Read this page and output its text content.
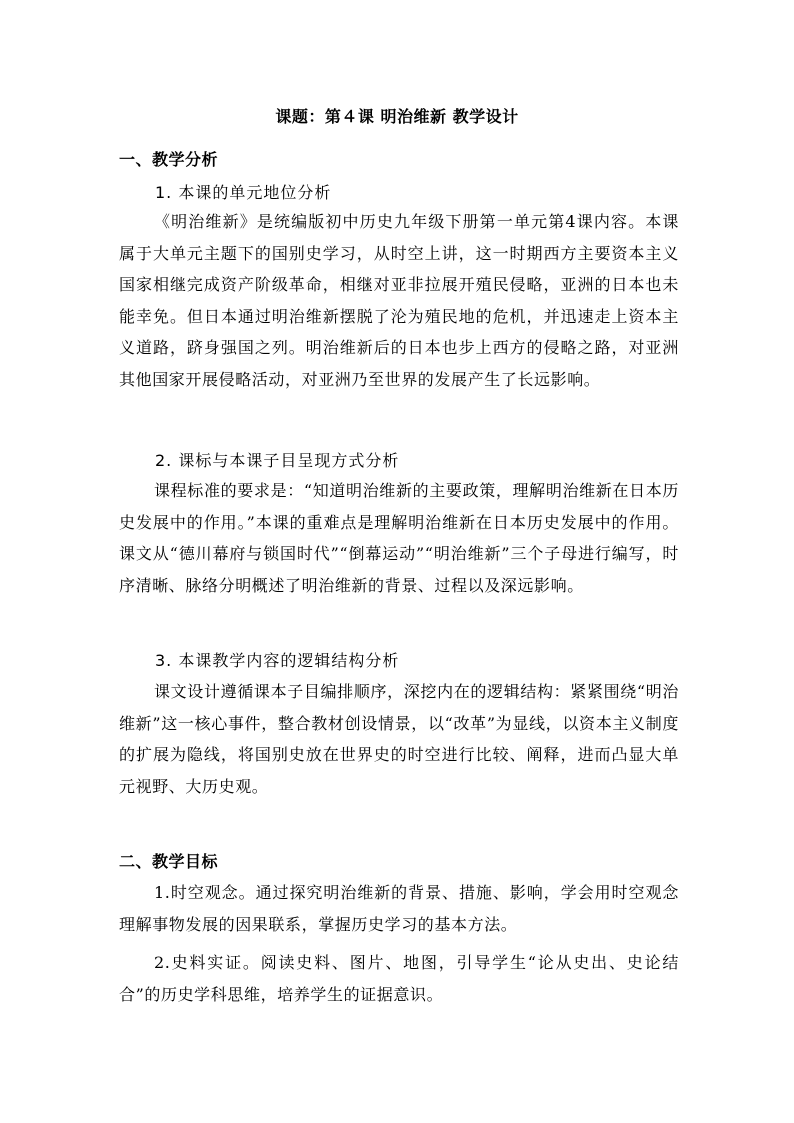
课题：第４课 明治维新 教学设计
一、教学分析
1. 本课的单元地位分析
《明治维新》是统编版初中历史九年级下册第一单元第4课内容。本课属于大单元主题下的国别史学习，从时空上讲，这一时期西方主要资本主义国家相继完成资产阶级革命，相继对亚非拉展开殖民侵略，亚洲的日本也未能幸免。但日本通过明治维新摆脱了沦为殖民地的危机，并迅速走上资本主义道路，跻身强国之列。明治维新后的日本也步上西方的侵略之路，对亚洲其他国家开展侵略活动，对亚洲乃至世界的发展产生了长远影响。
2. 课标与本课子目呈现方式分析
课程标准的要求是：“知道明治维新的主要政策，理解明治维新在日本历史发展中的作用。”本课的重难点是理解明治维新在日本历史发展中的作用。课文从“德川幕府与锁国时代”“倒幕运动”“明治维新”三个子母进行编写，时序清晰、脉络分明概述了明治维新的背景、过程以及深远影响。
3. 本课教学内容的逻辑结构分析
课文设计遵循课本子目编排顺序，深挖内在的逻辑结构：紧紧围绕“明治维新”这一核心事件，整合教材创设情景，以“改革”为显线，以资本主义制度的扩展为隐线，将国别史放在世界史的时空进行比较、阐释，进而凸显大单元视野、大历史观。
二、教学目标
1.时空观念。通过探究明治维新的背景、措施、影响，学会用时空观念理解事物发展的因果联系，掌握历史学习的基本方法。
2.史料实证。阅读史料、图片、地图，引导学生“论从史出、史论结合”的历史学科思维，培养学生的证据意识。
